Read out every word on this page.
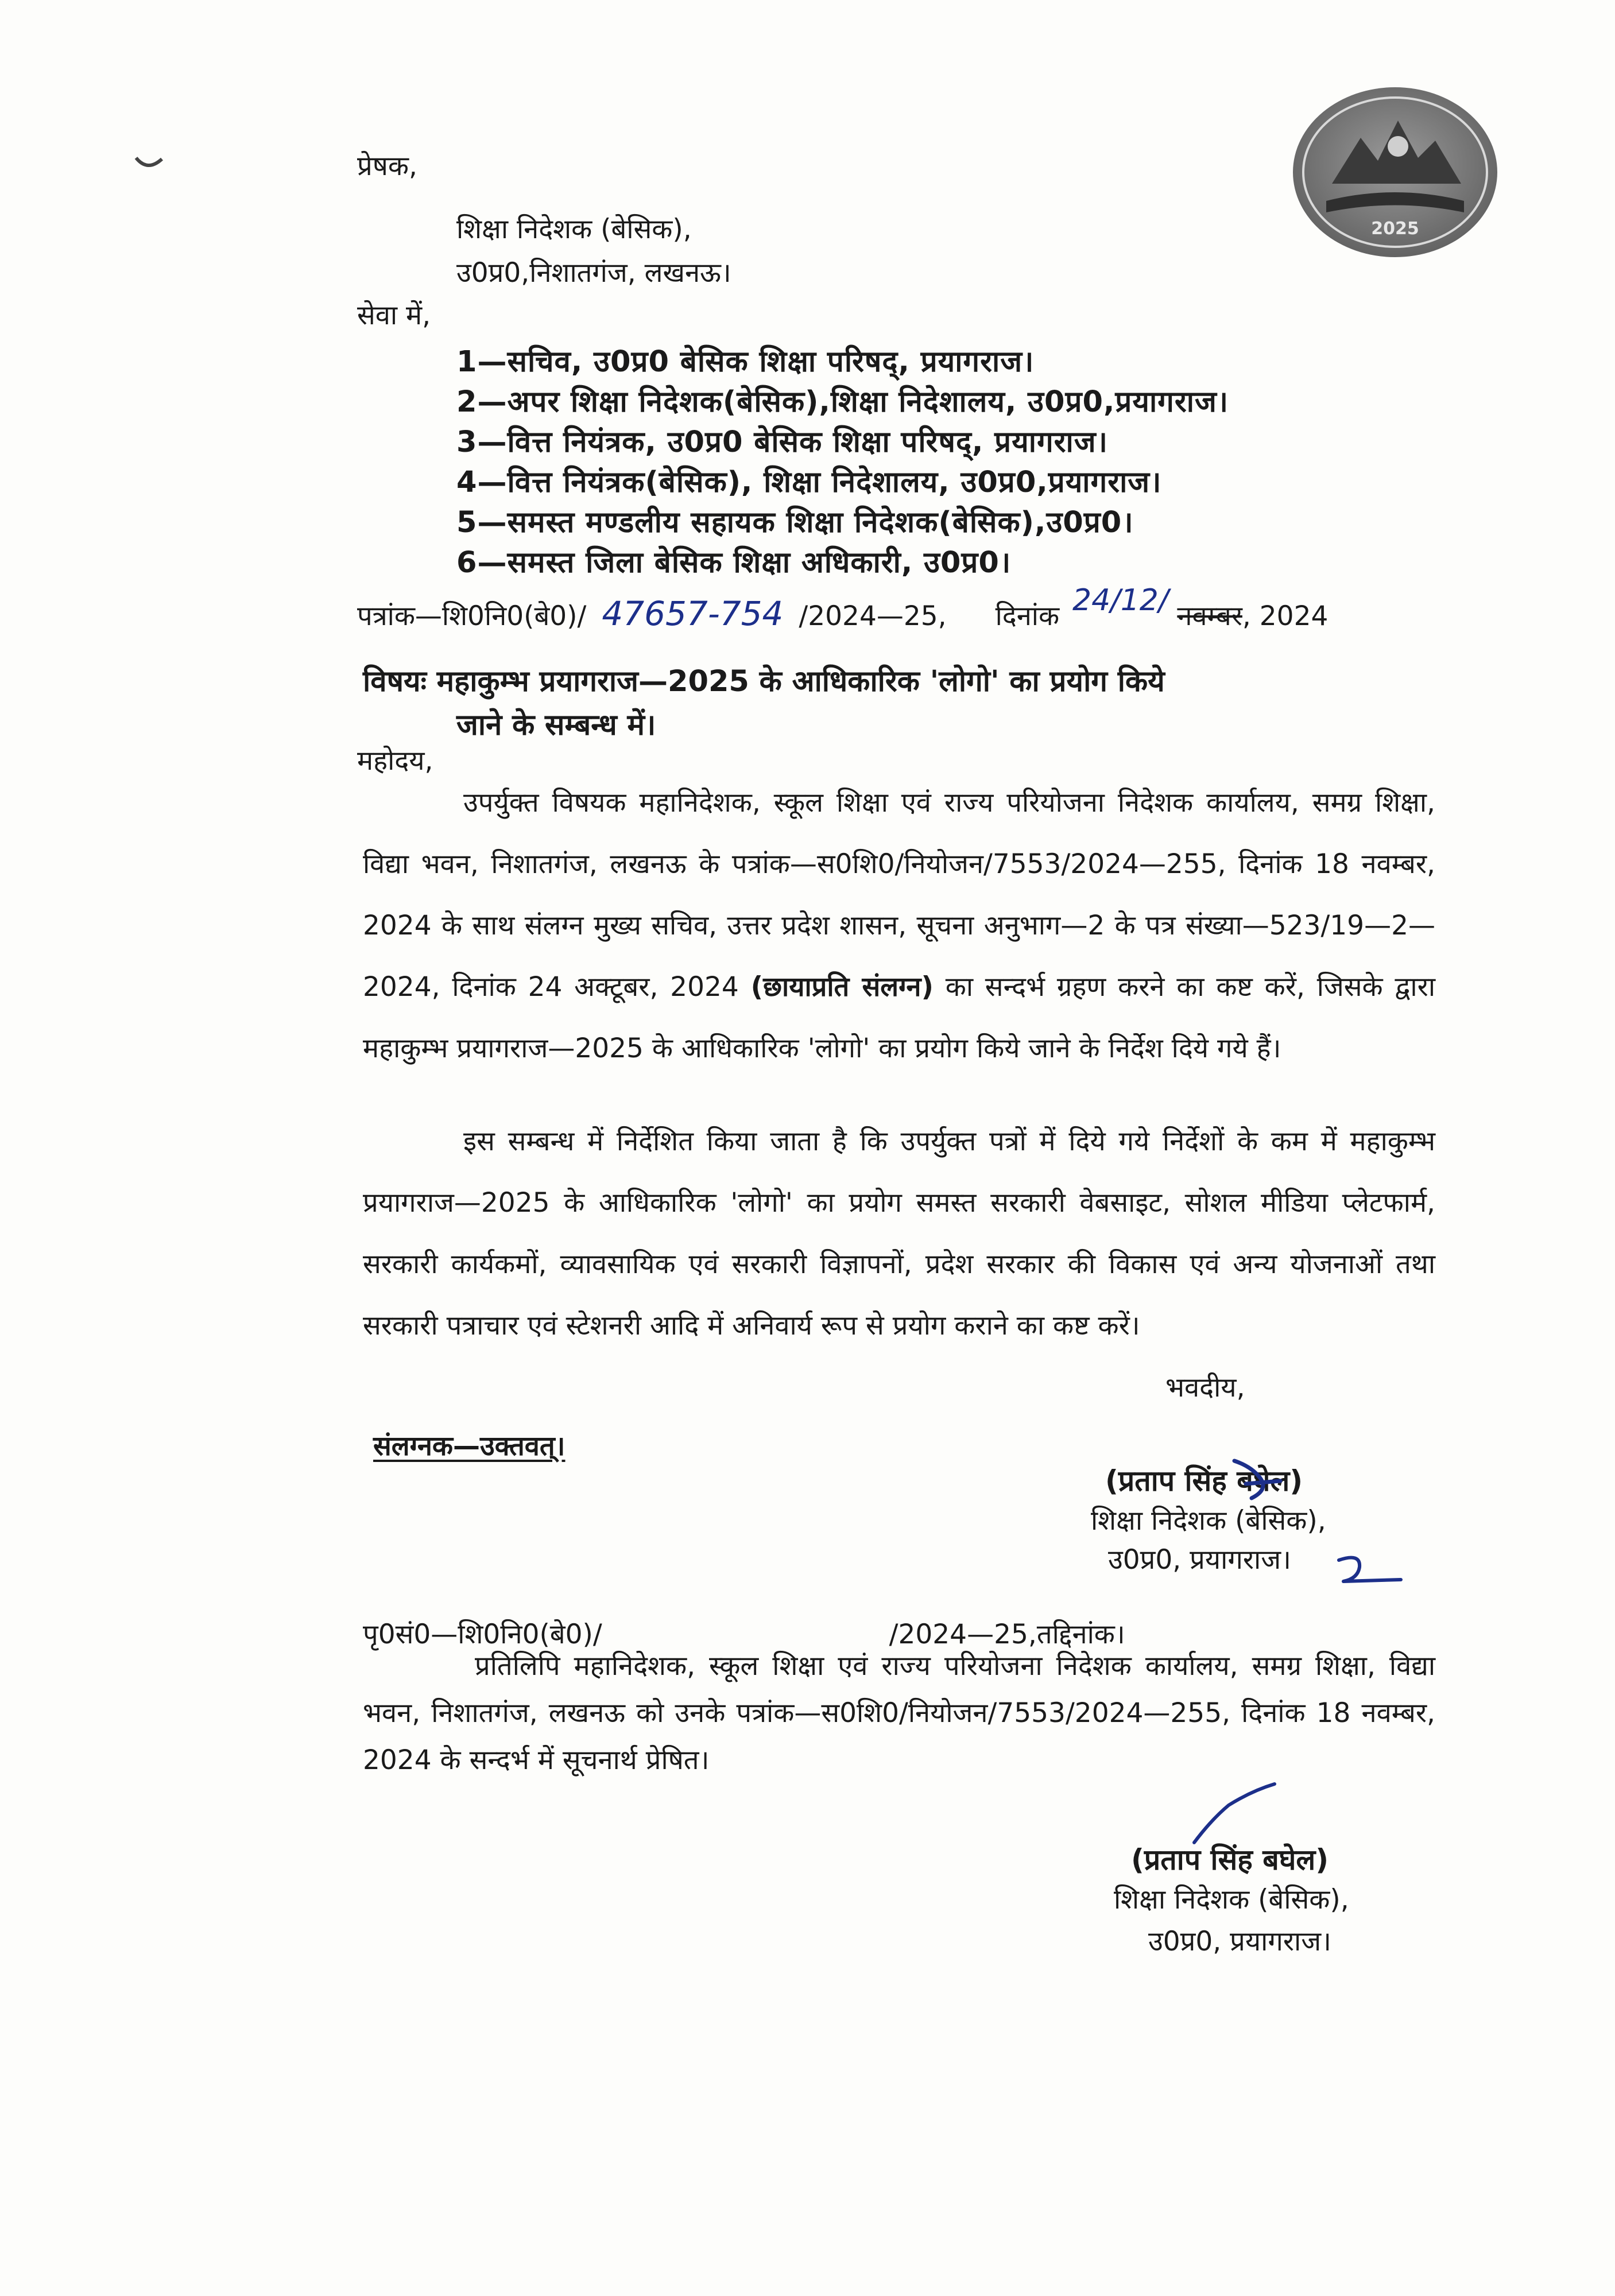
2025
प्रेषक,
शिक्षा निदेशक (बेसिक),
उ0प्र0,निशातगंज, लखनऊ।
सेवा में,
1—सचिव, उ0प्र0 बेसिक शिक्षा परिषद्, प्रयागराज।
2—अपर शिक्षा निदेशक(बेसिक),शिक्षा निदेशालय, उ0प्र0,प्रयागराज।
3—वित्त नियंत्रक, उ0प्र0 बेसिक शिक्षा परिषद्, प्रयागराज।
4—वित्त नियंत्रक(बेसिक), शिक्षा निदेशालय, उ0प्र0,प्रयागराज।
5—समस्त मण्डलीय सहायक शिक्षा निदेशक(बेसिक),उ0प्र0।
6—समस्त जिला बेसिक शिक्षा अधिकारी, उ0प्र0।
पत्रांक—शि0नि0(बे0)/ 47657-754 /2024—25, दिनांक 24/12/ नवम्बर, 2024
विषयः महाकुम्भ प्रयागराज—2025 के आधिकारिक 'लोगो' का प्रयोग किये
जाने के सम्बन्ध में।
महोदय,

उपर्युक्त विषयक महानिदेशक, स्कूल शिक्षा एवं राज्य परियोजना निदेशक कार्यालय, समग्र शिक्षा, विद्या भवन, निशातगंज, लखनऊ के पत्रांक—स0शि0/नियोजन/7553/2024—255, दिनांक 18 नवम्बर, 2024 के साथ संलग्न मुख्य सचिव, उत्तर प्रदेश शासन, सूचना अनुभाग—2 के पत्र संख्या—523/19—2—2024, दिनांक 24 अक्टूबर, 2024 (छायाप्रति संलग्न) का सन्दर्भ ग्रहण करने का कष्ट करें, जिसके द्वारा महाकुम्भ प्रयागराज—2025 के आधिकारिक 'लोगो' का प्रयोग किये जाने के निर्देश दिये गये हैं।

इस सम्बन्ध में निर्देशित किया जाता है कि उपर्युक्त पत्रों में दिये गये निर्देशों के कम में महाकुम्भ प्रयागराज—2025 के आधिकारिक 'लोगो' का प्रयोग समस्त सरकारी वेबसाइट, सोशल मीडिया प्लेटफार्म, सरकारी कार्यकमों, व्यावसायिक एवं सरकारी विज्ञापनों, प्रदेश सरकार की विकास एवं अन्य योजनाओं तथा सरकारी पत्राचार एवं स्टेशनरी आदि में अनिवार्य रूप से प्रयोग कराने का कष्ट करें।

भवदीय,
संलग्नक—उक्तवत्।
(प्रताप सिंह बघेल)
शिक्षा निदेशक (बेसिक),
उ0प्र0, प्रयागराज।
पृ0सं0—शि0नि0(बे0)/	/2024—25,तद्दिनांक।

प्रतिलिपि महानिदेशक, स्कूल शिक्षा एवं राज्य परियोजना निदेशक कार्यालय, समग्र शिक्षा, विद्या भवन, निशातगंज, लखनऊ को उनके पत्रांक—स0शि0/नियोजन/7553/2024—255, दिनांक 18 नवम्बर, 2024 के सन्दर्भ में सूचनार्थ प्रेषित।

(प्रताप सिंह बघेल)
शिक्षा निदेशक (बेसिक),
उ0प्र0, प्रयागराज।
